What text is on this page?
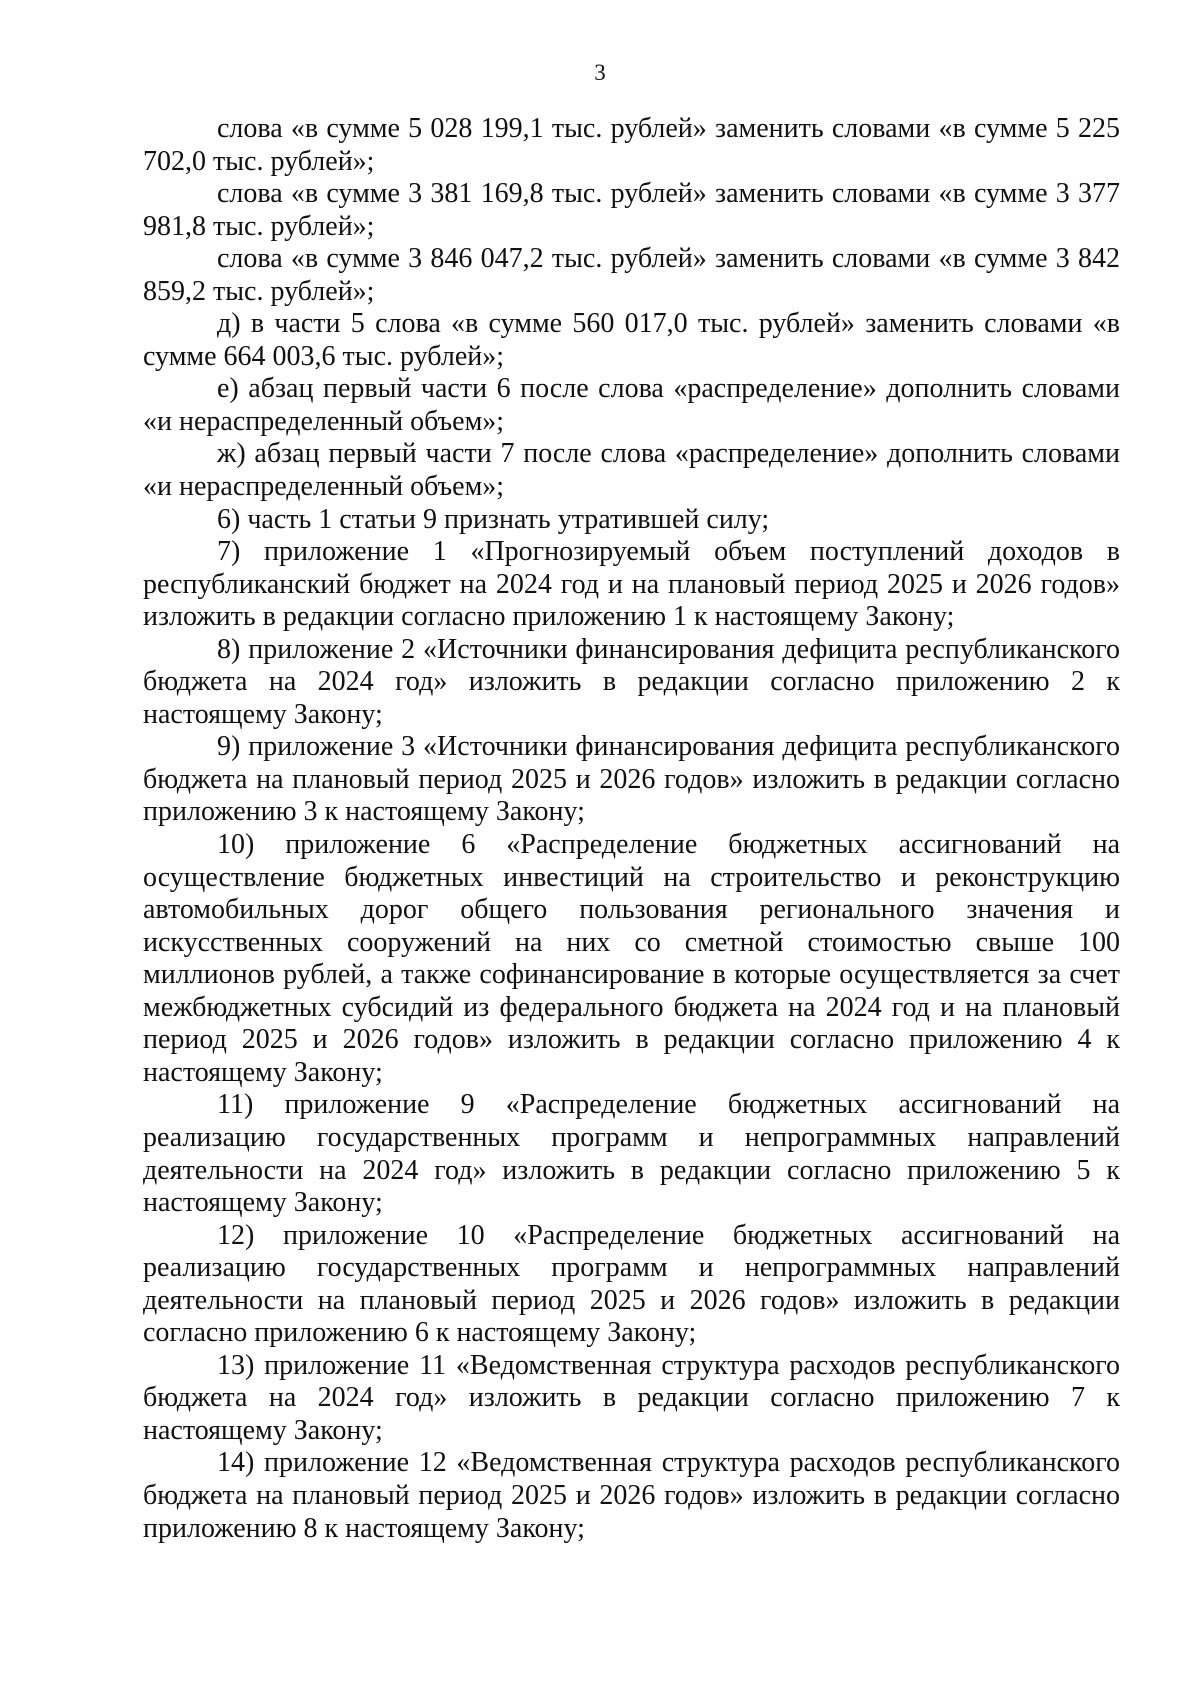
3

слова «в сумме 5 028 199,1 тыс. рублей» заменить словами «в сумме 5 225 702,0 тыс. рублей»;

слова «в сумме 3 381 169,8 тыс. рублей» заменить словами «в сумме 3 377 981,8 тыс. рублей»;

слова «в сумме 3 846 047,2 тыс. рублей» заменить словами «в сумме 3 842 859,2 тыс. рублей»;

д) в части 5 слова «в сумме 560 017,0 тыс. рублей» заменить словами «в сумме 664 003,6 тыс. рублей»;

е) абзац первый части 6 после слова «распределение» дополнить словами «и нераспределенный объем»;

ж) абзац первый части 7 после слова «распределение» дополнить словами «и нераспределенный объем»;

6) часть 1 статьи 9 признать утратившей силу;

7) приложение 1 «Прогнозируемый объем поступлений доходов в республиканский бюджет на 2024 год и на плановый период 2025 и 2026 годов» изложить в редакции согласно приложению 1 к настоящему Закону;

8) приложение 2 «Источники финансирования дефицита республиканского бюджета на 2024 год» изложить в редакции согласно приложению 2 к настоящему Закону;

9) приложение 3 «Источники финансирования дефицита республиканского бюджета на плановый период 2025 и 2026 годов» изложить в редакции согласно приложению 3 к настоящему Закону;

10) приложение 6 «Распределение бюджетных ассигнований на осуществление бюджетных инвестиций на строительство и реконструкцию автомобильных дорог общего пользования регионального значения и искусственных сооружений на них со сметной стоимостью свыше 100 миллионов рублей, а также софинансирование в которые осуществляется за счет межбюджетных субсидий из федерального бюджета на 2024 год и на плановый период 2025 и 2026 годов» изложить в редакции согласно приложению 4 к настоящему Закону;

11) приложение 9 «Распределение бюджетных ассигнований на реализацию государственных программ и непрограммных направлений деятельности на 2024 год» изложить в редакции согласно приложению 5 к настоящему Закону;

12) приложение 10 «Распределение бюджетных ассигнований на реализацию государственных программ и непрограммных направлений деятельности на плановый период 2025 и 2026 годов» изложить в редакции согласно приложению 6 к настоящему Закону;

13) приложение 11 «Ведомственная структура расходов республиканского бюджета на 2024 год» изложить в редакции согласно приложению 7 к настоящему Закону;

14) приложение 12 «Ведомственная структура расходов республиканского бюджета на плановый период 2025 и 2026 годов» изложить в редакции согласно приложению 8 к настоящему Закону;
